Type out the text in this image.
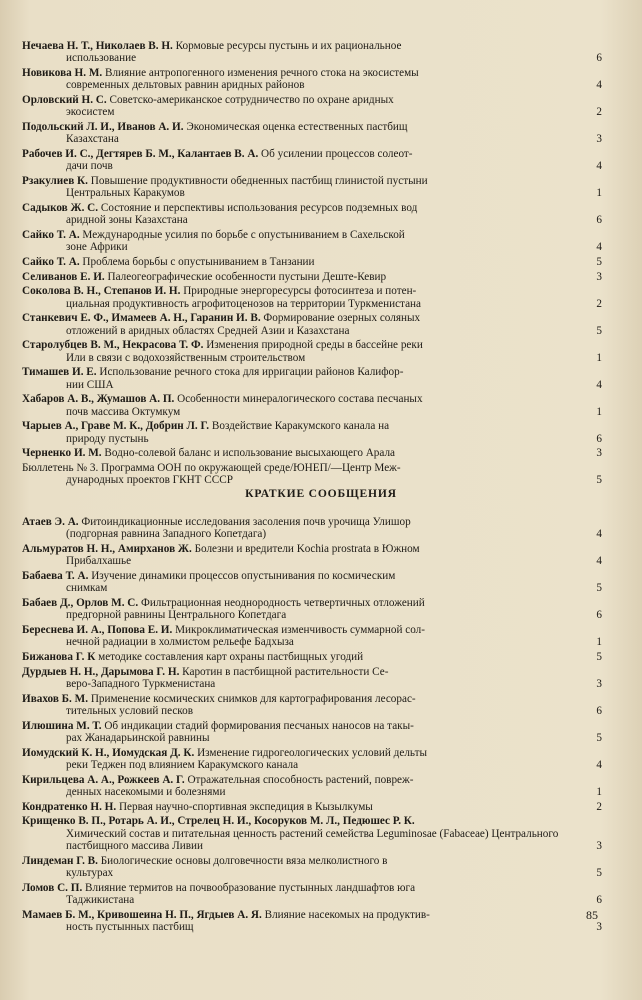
Нечаева Н. Т., Николаев В. Н. Кормовые ресурсы пустынь и их рациональное
использование	6
Новикова Н. М. Влияние антропогенного изменения речного стока на экосистемы
современных дельтовых равнин аридных районов	4
Орловский Н. С. Советско-американское сотрудничество по охране аридных
экосистем	2
Подольский Л. И., Иванов А. И. Экономическая оценка естественных пастбищ
Казахстана	3
Рабочев И. С., Дегтярев Б. М., Калантаев В. А. Об усилении процессов солеот-
дачи почв	4
Рзакулиев К. Повышение продуктивности обедненных пастбищ глинистой пустыни
Центральных Каракумов	1
Садыков Ж. С. Состояние и перспективы использования ресурсов подземных вод
аридной зоны Казахстана	6
Сайко Т. А. Международные усилия по борьбе с опустыниванием в Сахельской
зоне Африки	4
Сайко Т. А. Проблема борьбы с опустыниванием в Танзании	5
Селиванов Е. И. Палеогеографические особенности пустыни Деште-Кевир	3
Соколова В. Н., Степанов И. Н. Природные энергоресурсы фотосинтеза и потен-
циальная продуктивность агрофитоценозов на территории Туркменистана	2
Станкевич Е. Ф., Имамеев А. Н., Гаранин И. В. Формирование озерных соляных
отложений в аридных областях Средней Азии и Казахстана	5
Старолубцев В. М., Некрасова Т. Ф. Изменения природной среды в бассейне реки
Или в связи с водохозяйственным строительством	1
Тимашев И. Е. Использование речного стока для ирригации районов Калифор-
нии США	4
Хабаров А. В., Жумашов А. П. Особенности минералогического состава песчаных
почв массива Октумкум	1
Чарыев А., Граве М. К., Добрин Л. Г. Воздействие Каракумского канала на
природу пустынь	6
Черненко И. М. Водно-солевой баланс и использование высыхающего Арала	3
Бюллетень № 3. Программа ООН по окружающей среде/ЮНЕП/—Центр Меж-
дународных проектов ГКНТ СССР	5
КРАТКИЕ СООБЩЕНИЯ
Атаев Э. А. Фитоиндикационные исследования засоления почв урочища Улишор
(подгорная равнина Западного Копетдага)	4
Альмуратов Н. Н., Амирханов Ж. Болезни и вредители Kochia prostrata в Южном
Прибалхашье	4
Бабаева Т. А. Изучение динамики процессов опустынивания по космическим
снимкам	5
Бабаев Д., Орлов М. С. Фильтрационная неоднородность четвертичных отложений
предгорной равнины Центрального Копетдага	6
Береснева И. А., Попова Е. И. Микроклиматическая изменчивость суммарной сол-
нечной радиации в холмистом рельефе Бадхыза	1
Бижанова Г. К методике составления карт охраны пастбищных угодий	5
Дурдыев Н. Н., Дарымова Г. Н. Каротин в пастбищной растительности Се-
веро-Западного Туркменистана	3
Ивахов Б. М. Применение космических снимков для картографирования лесорас-
тительных условий песков	6
Илюшина М. Т. Об индикации стадий формирования песчаных наносов на такы-
рах Жанадарьинской равнины	5
Иомудский К. Н., Иомудская Д. К. Изменение гидрогеологических условий дельты
реки Теджен под влиянием Каракумского канала	4
Кирильцева А. А., Рожкеев А. Г. Отражательная способность растений, повреж-
денных насекомыми и болезнями	1
Кондратенко Н. Н. Первая научно-спортивная экспедиция в Кызылкумы	2
Крищенко В. П., Ротарь А. И., Стрелец Н. И., Косоруков М. Л., Педюшес Р. К.
Химический состав и питательная ценность растений семейства Leguminosae (Fabaceae) Центрального пастбищного массива Ливии	3
Линдеман Г. В. Биологические основы долговечности вяза мелколистного в
культурах	5
Ломов С. П. Влияние термитов на почвообразование пустынных ландшафтов юга
Таджикистана	6
Мамаев Б. М., Кривошеина Н. П., Ягдыев А. Я. Влияние насекомых на продуктив-
ность пустынных пастбищ	3
85
